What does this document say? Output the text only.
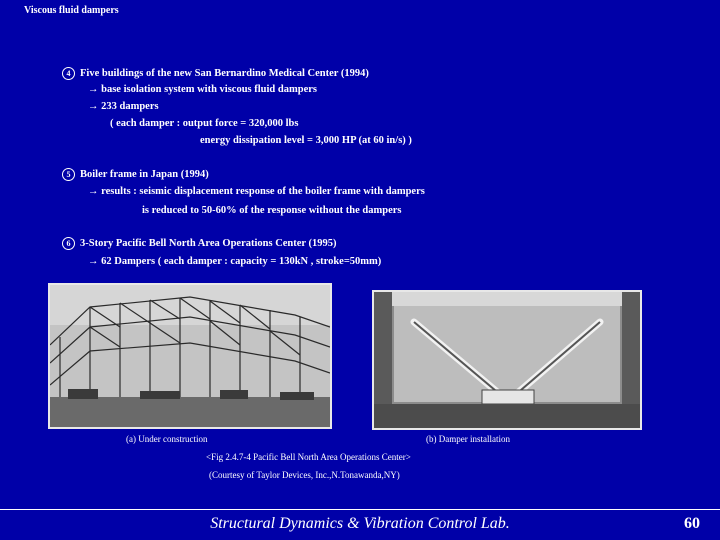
Viscous fluid dampers
4 Five buildings of the new San Bernardino Medical Center (1994)
→ base isolation system with viscous fluid dampers
→ 233 dampers
( each damper : output force = 320,000 lbs
energy dissipation level = 3,000 HP (at 60 in/s) )
5 Boiler frame in Japan (1994)
→ results : seismic displacement response of the boiler frame with dampers
is reduced to 50-60% of the response without the dampers
6 3-Story Pacific Bell North Area Operations Center (1995)
→ 62 Dampers ( each damper : capacity = 130kN , stroke=50mm)
(a) Under construction	(b) Damper installation
<Fig 2.4.7-4 Pacific Bell North Area Operations Center>
(Courtesy of Taylor Devices, Inc.,N.Tonawanda,NY)
Structural Dynamics & Vibration Control Lab.	60
